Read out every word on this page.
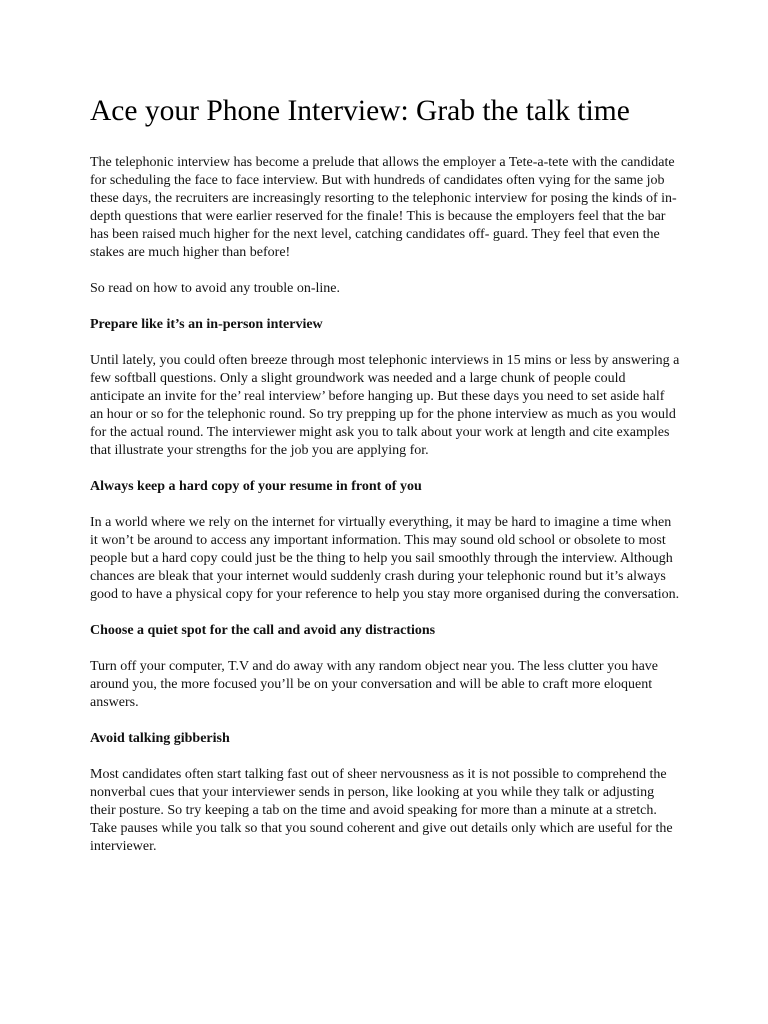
Ace your Phone Interview: Grab the talk time

The telephonic interview has become a prelude that allows the employer a Tete-a-tete with the candidate for scheduling the face to face interview. But with hundreds of candidates often vying for the same job these days, the recruiters are increasingly resorting to the telephonic interview for posing the kinds of in-depth questions that were earlier reserved for the finale! This is because the employers feel that the bar has been raised much higher for the next level, catching candidates off- guard. They feel that even the stakes are much higher than before!

So read on how to avoid any trouble on-line.

Prepare like it’s an in-person interview

Until lately, you could often breeze through most telephonic interviews in 15 mins or less by answering a few softball questions. Only a slight groundwork was needed and a large chunk of people could anticipate an invite for the’ real interview’ before hanging up. But these days you need to set aside half an hour or so for the telephonic round. So try prepping up for the phone interview as much as you would for the actual round. The interviewer might ask you to talk about your work at length and cite examples that illustrate your strengths for the job you are applying for.

Always keep a hard copy of your resume in front of you

In a world where we rely on the internet for virtually everything, it may be hard to imagine a time when it won’t be around to access any important information. This may sound old school or obsolete to most people but a hard copy could just be the thing to help you sail smoothly through the interview. Although chances are bleak that your internet would suddenly crash during your telephonic round but it’s always good to have a physical copy for your reference to help you stay more organised during the conversation.

Choose a quiet spot for the call and avoid any distractions

Turn off your computer, T.V and do away with any random object near you. The less clutter you have around you, the more focused you’ll be on your conversation and will be able to craft more eloquent answers.

Avoid talking gibberish

Most candidates often start talking fast out of sheer nervousness as it is not possible to comprehend the nonverbal cues that your interviewer sends in person, like looking at you while they talk or adjusting their posture. So try keeping a tab on the time and avoid speaking for more than a minute at a stretch. Take pauses while you talk so that you sound coherent and give out details only which are useful for the interviewer.
